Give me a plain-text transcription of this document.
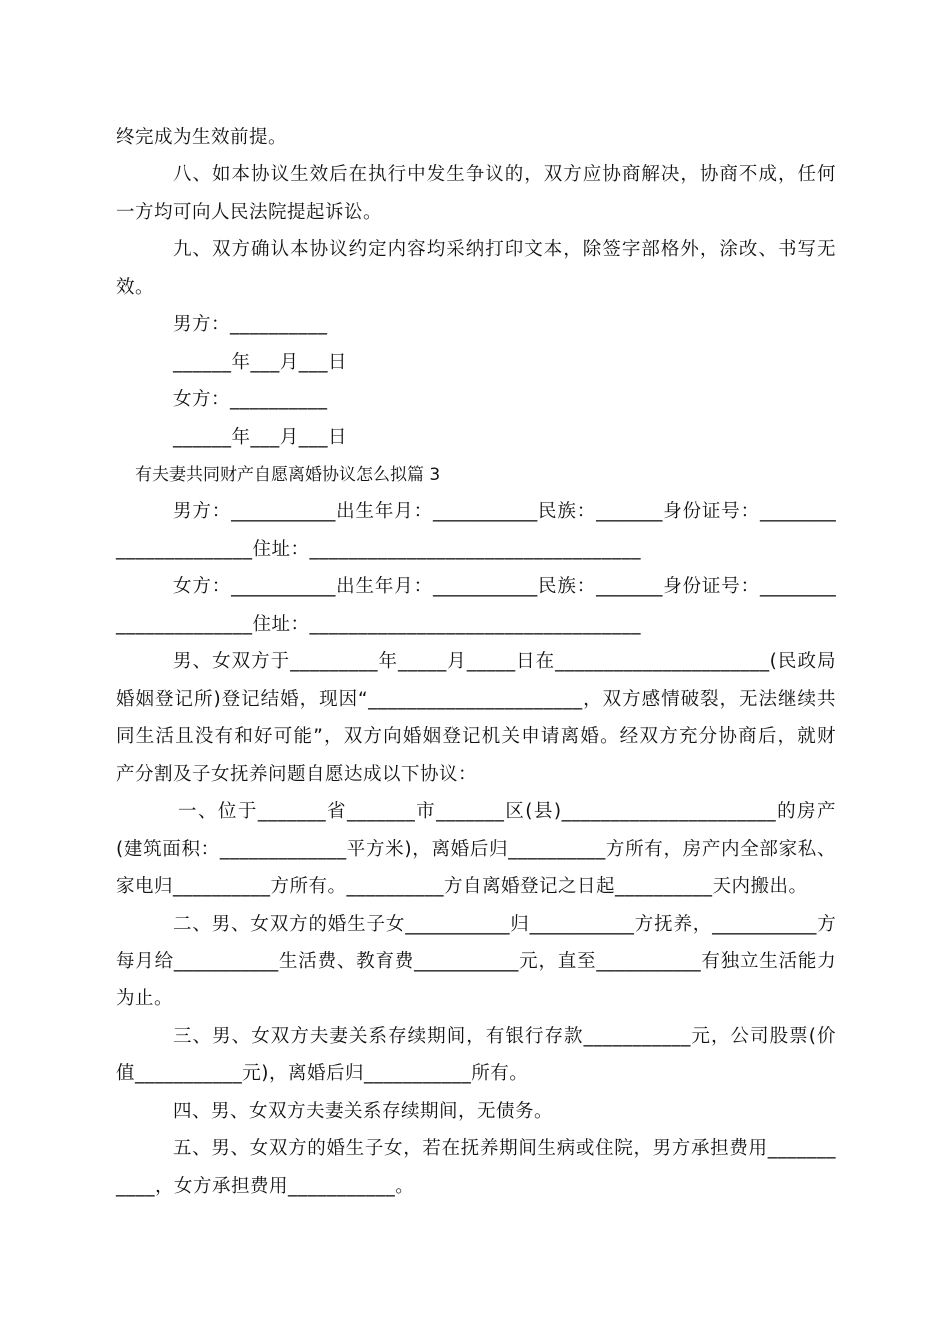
终完成为生效前提。
八、如本协议生效后在执行中发生争议的，双方应协商解决，协商不成，任何
一方均可向人民法院提起诉讼。
九、双方确认本协议约定内容均采纳打印文本，除签字部格外，涂改、书写无
效。
男方：__________
______年___月___日
女方：__________
______年___月___日
有夫妻共同财产自愿离婚协议怎么拟篇 3
男方：___________出生年月：___________民族：_______身份证号：________
______________住址：__________________________________
女方：___________出生年月：___________民族：_______身份证号：________
______________住址：__________________________________
男、女双方于_________年_____月_____日在______________________(民政局
婚姻登记所)登记结婚，现因“______________________，双方感情破裂，无法继续共
同生活且没有和好可能”，双方向婚姻登记机关申请离婚。经双方充分协商后，就财
产分割及子女抚养问题自愿达成以下协议：
一、位于_______省_______市_______区(县)______________________的房产
(建筑面积：_____________平方米)，离婚后归__________方所有，房产内全部家私、
家电归__________方所有。__________方自离婚登记之日起__________天内搬出。
二、男、女双方的婚生子女___________归___________方抚养，___________方
每月给___________生活费、教育费___________元，直至___________有独立生活能力
为止。
三、男、女双方夫妻关系存续期间，有银行存款___________元，公司股票(价
值___________元)，离婚后归___________所有。
四、男、女双方夫妻关系存续期间，无债务。
五、男、女双方的婚生子女，若在抚养期间生病或住院，男方承担费用_______
____，女方承担费用___________。
